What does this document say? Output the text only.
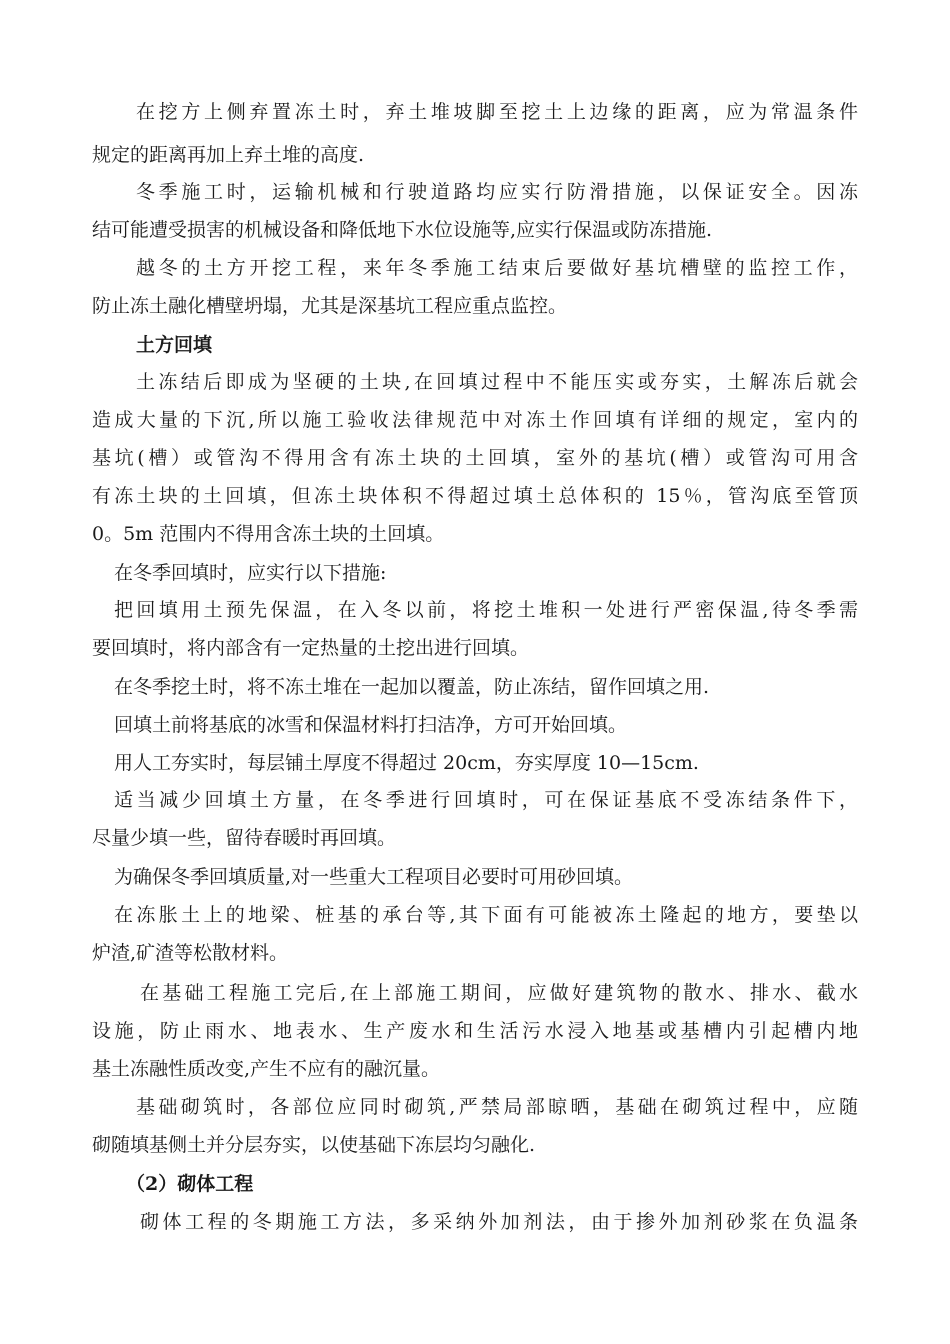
在挖方上侧弃置冻土时，弃土堆坡脚至挖土上边缘的距离，应为常温条件
规定的距离再加上弃土堆的高度.
冬季施工时，运输机械和行驶道路均应实行防滑措施，以保证安全。因冻
结可能遭受损害的机械设备和降低地下水位设施等,应实行保温或防冻措施.
越冬的土方开挖工程，来年冬季施工结束后要做好基坑槽壁的监控工作，
防止冻土融化槽壁坍塌，尤其是深基坑工程应重点监控。
土方回填
土冻结后即成为坚硬的土块,在回填过程中不能压实或夯实，土解冻后就会
造成大量的下沉,所以施工验收法律规范中对冻土作回填有详细的规定，室内的
基坑(槽）或管沟不得用含有冻土块的土回填，室外的基坑(槽）或管沟可用含
有冻土块的土回填，但冻土块体积不得超过填土总体积的 15％，管沟底至管顶
0。5m 范围内不得用含冻土块的土回填。
在冬季回填时，应实行以下措施:
把回填用土预先保温，在入冬以前，将挖土堆积一处进行严密保温,待冬季需
要回填时，将内部含有一定热量的土挖出进行回填。
在冬季挖土时，将不冻土堆在一起加以覆盖，防止冻结，留作回填之用.
回填土前将基底的冰雪和保温材料打扫洁净，方可开始回填。
用人工夯实时，每层铺土厚度不得超过 20cm，夯实厚度 10—15cm.
适当减少回填土方量，在冬季进行回填时，可在保证基底不受冻结条件下，
尽量少填一些，留待春暖时再回填。
为确保冬季回填质量,对一些重大工程项目必要时可用砂回填。
在冻胀土上的地梁、桩基的承台等,其下面有可能被冻土隆起的地方，要垫以
炉渣,矿渣等松散材料。
在基础工程施工完后,在上部施工期间，应做好建筑物的散水、排水、截水
设施，防止雨水、地表水、生产废水和生活污水浸入地基或基槽内引起槽内地
基土冻融性质改变,产生不应有的融沉量。
基础砌筑时，各部位应同时砌筑,严禁局部晾晒，基础在砌筑过程中，应随
砌随填基侧土并分层夯实，以使基础下冻层均匀融化.
（2）砌体工程
砌体工程的冬期施工方法，多采纳外加剂法，由于掺外加剂砂浆在负温条
